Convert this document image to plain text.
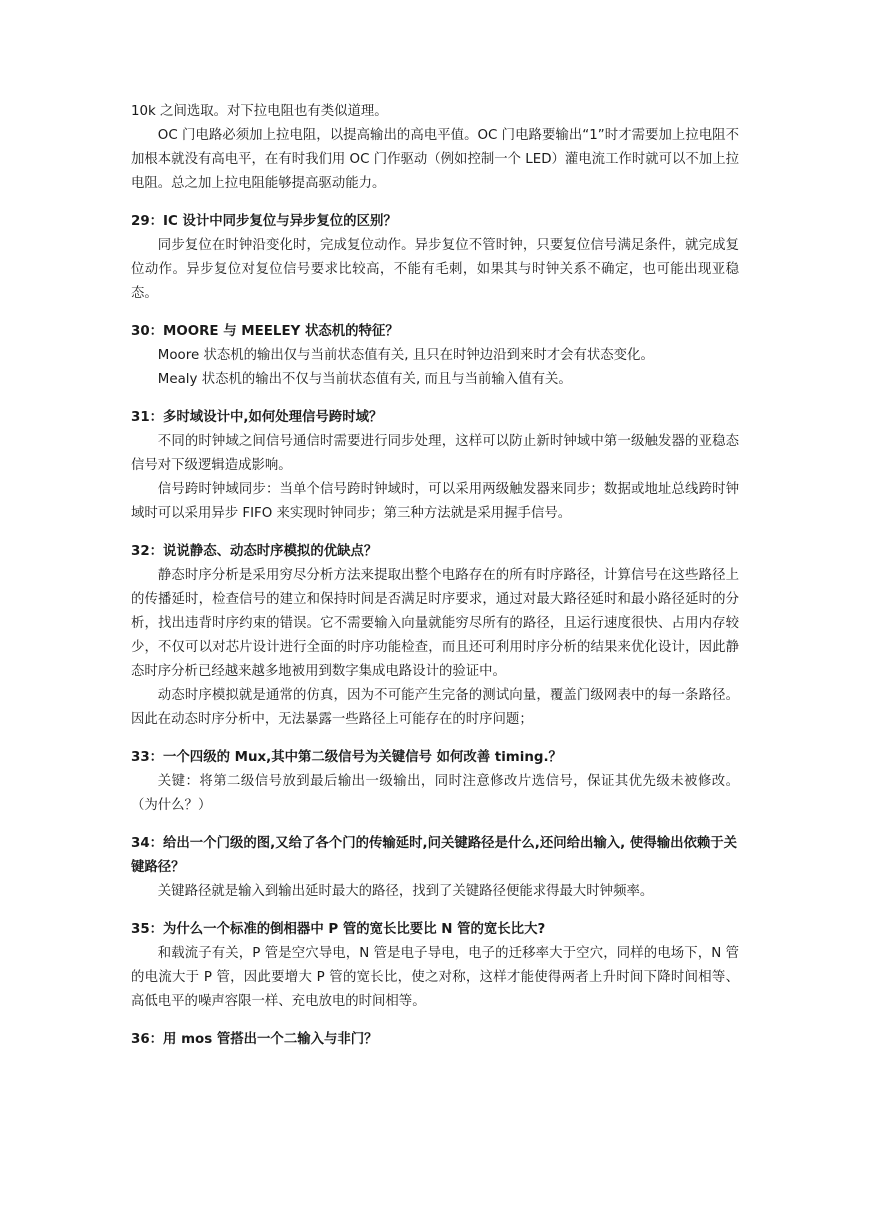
10k 之间选取。对下拉电阻也有类似道理。

OC 门电路必须加上拉电阻，以提高输出的高电平值。OC 门电路要输出“1”时才需要加上拉电阻不加根本就没有高电平，在有时我们用 OC 门作驱动（例如控制一个 LED）灌电流工作时就可以不加上拉电阻。总之加上拉电阻能够提高驱动能力。

29：IC 设计中同步复位与异步复位的区别？

同步复位在时钟沿变化时，完成复位动作。异步复位不管时钟，只要复位信号满足条件，就完成复位动作。异步复位对复位信号要求比较高，不能有毛刺，如果其与时钟关系不确定，也可能出现亚稳态。

30：MOORE 与 MEELEY 状态机的特征？

Moore 状态机的输出仅与当前状态值有关, 且只在时钟边沿到来时才会有状态变化。

Mealy 状态机的输出不仅与当前状态值有关, 而且与当前输入值有关。

31：多时域设计中,如何处理信号跨时域？

不同的时钟域之间信号通信时需要进行同步处理，这样可以防止新时钟域中第一级触发器的亚稳态信号对下级逻辑造成影响。

信号跨时钟域同步：当单个信号跨时钟域时，可以采用两级触发器来同步；数据或地址总线跨时钟域时可以采用异步 FIFO 来实现时钟同步；第三种方法就是采用握手信号。

32：说说静态、动态时序模拟的优缺点？

静态时序分析是采用穷尽分析方法来提取出整个电路存在的所有时序路径，计算信号在这些路径上的传播延时，检查信号的建立和保持时间是否满足时序要求，通过对最大路径延时和最小路径延时的分析，找出违背时序约束的错误。它不需要输入向量就能穷尽所有的路径，且运行速度很快、占用内存较少，不仅可以对芯片设计进行全面的时序功能检查，而且还可利用时序分析的结果来优化设计，因此静态时序分析已经越来越多地被用到数字集成电路设计的验证中。

动态时序模拟就是通常的仿真，因为不可能产生完备的测试向量，覆盖门级网表中的每一条路径。因此在动态时序分析中，无法暴露一些路径上可能存在的时序问题；

33：一个四级的 Mux,其中第二级信号为关键信号 如何改善 timing.？

关键：将第二级信号放到最后输出一级输出，同时注意修改片选信号，保证其优先级未被修改。（为什么？）

34：给出一个门级的图,又给了各个门的传输延时,问关键路径是什么,还问给出输入, 使得输出依赖于关键路径？

关键路径就是输入到输出延时最大的路径，找到了关键路径便能求得最大时钟频率。

35：为什么一个标准的倒相器中 P 管的宽长比要比 N 管的宽长比大?

和载流子有关，P 管是空穴导电，N 管是电子导电，电子的迁移率大于空穴，同样的电场下，N 管的电流大于 P 管，因此要增大 P 管的宽长比，使之对称，这样才能使得两者上升时间下降时间相等、高低电平的噪声容限一样、充电放电的时间相等。

36：用 mos 管搭出一个二输入与非门？
